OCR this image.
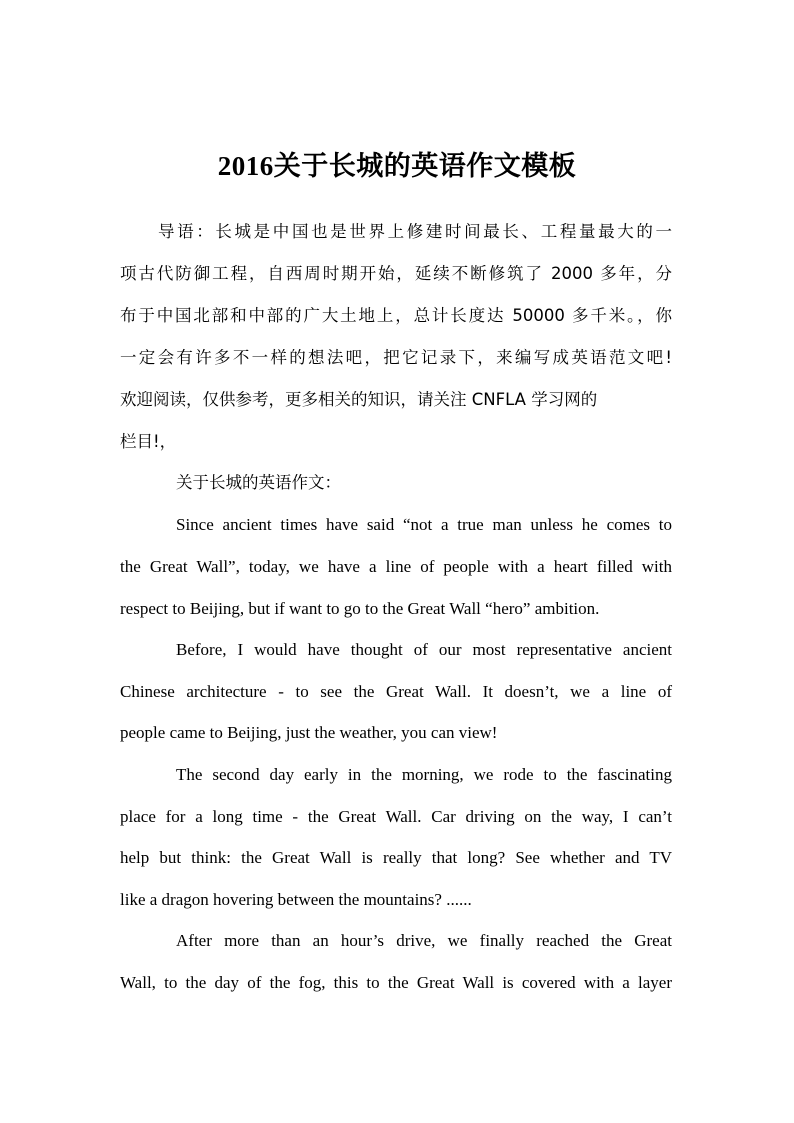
2016关于长城的英语作文模板
导语：长城是中国也是世界上修建时间最长、工程量最大的一
项古代防御工程，自西周时期开始，延续不断修筑了 2000 多年，分
布于中国北部和中部的广大土地上，总计长度达 50000 多千米。，你
一定会有许多不一样的想法吧，把它记录下，来编写成英语范文吧!
欢迎阅读，仅供参考，更多相关的知识，请关注 CNFLA 学习网的
栏目!，
关于长城的英语作文：
Since ancient times have said “not a true man unless he comes to
the Great Wall”, today, we have a line of people with a heart filled with
respect to Beijing, but if want to go to the Great Wall “hero” ambition.
Before, I would have thought of our most representative ancient
Chinese architecture - to see the Great Wall. It doesn’t, we a line of
people came to Beijing, just the weather, you can view!
The second day early in the morning, we rode to the fascinating
place for a long time - the Great Wall. Car driving on the way, I can’t
help but think: the Great Wall is really that long? See whether and TV
like a dragon hovering between the mountains? ......
After more than an hour’s drive, we finally reached the Great
Wall, to the day of the fog, this to the Great Wall is covered with a layer
